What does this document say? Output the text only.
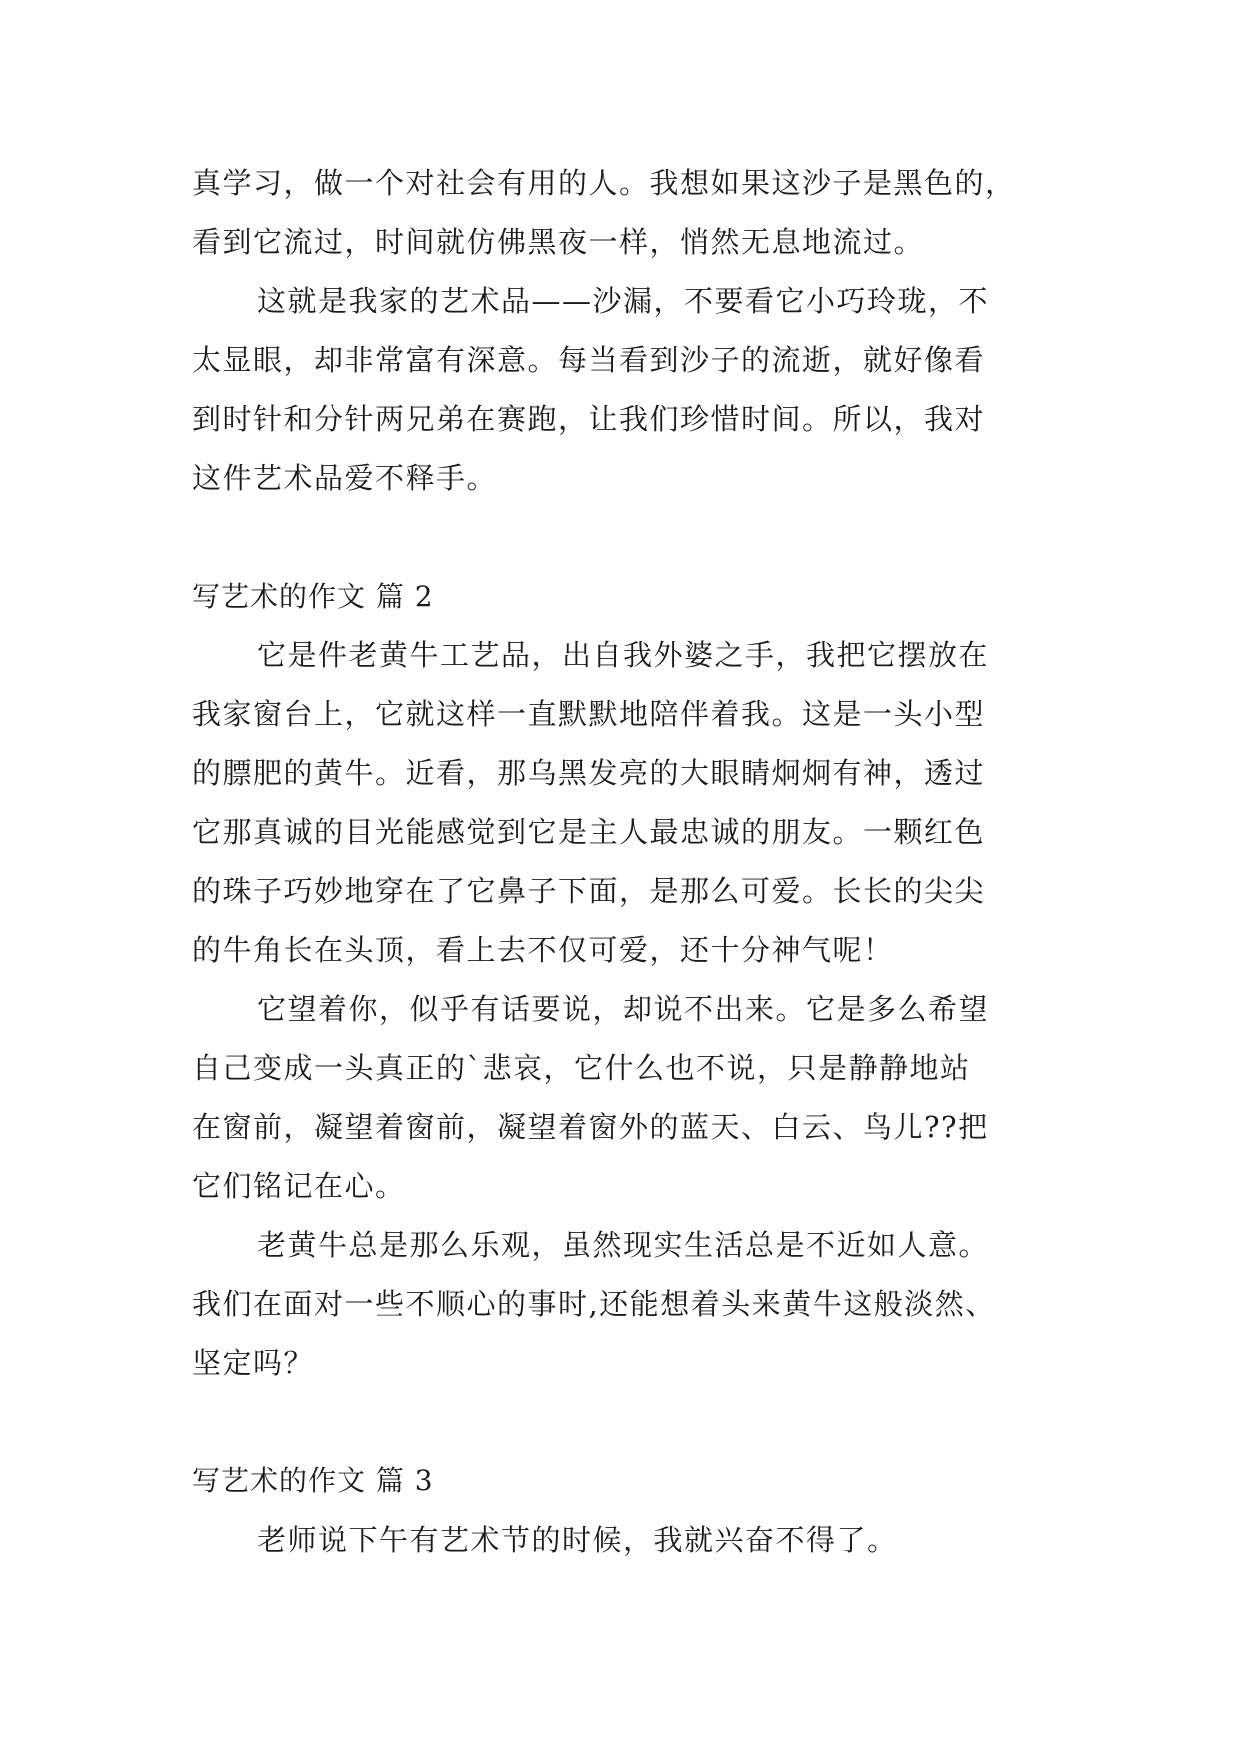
真学习，做一个对社会有用的人。我想如果这沙子是黑色的，
看到它流过，时间就仿佛黑夜一样，悄然无息地流过。
这就是我家的艺术品——沙漏，不要看它小巧玲珑，不
太显眼，却非常富有深意。每当看到沙子的流逝，就好像看
到时针和分针两兄弟在赛跑，让我们珍惜时间。所以，我对
这件艺术品爱不释手。
写艺术的作文 篇 2
它是件老黄牛工艺品，出自我外婆之手，我把它摆放在
我家窗台上，它就这样一直默默地陪伴着我。这是一头小型
的膘肥的黄牛。近看，那乌黑发亮的大眼睛炯炯有神，透过
它那真诚的目光能感觉到它是主人最忠诚的朋友。一颗红色
的珠子巧妙地穿在了它鼻子下面，是那么可爱。长长的尖尖
的牛角长在头顶，看上去不仅可爱，还十分神气呢！
它望着你，似乎有话要说，却说不出来。它是多么希望
自己变成一头真正的`悲哀，它什么也不说，只是静静地站
在窗前，凝望着窗前，凝望着窗外的蓝天、白云、鸟儿??把
它们铭记在心。
老黄牛总是那么乐观，虽然现实生活总是不近如人意。
我们在面对一些不顺心的事时,还能想着头来黄牛这般淡然、
坚定吗？
写艺术的作文 篇 3
老师说下午有艺术节的时候，我就兴奋不得了。
